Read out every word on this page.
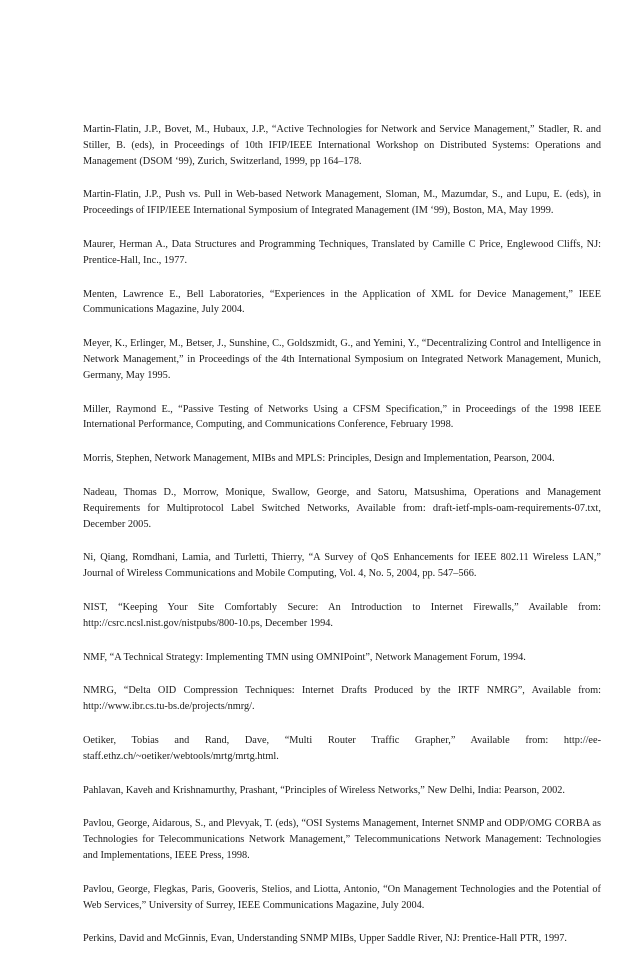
Martin-Flatin, J.P., Bovet, M., Hubaux, J.P., “Active Technologies for Network and Service Management,” Stadler, R. and Stiller, B. (eds), in Proceedings of 10th IFIP/IEEE International Workshop on Distributed Systems: Operations and Management (DSOM ‘99), Zurich, Switzerland, 1999, pp 164–178.
Martin-Flatin, J.P., Push vs. Pull in Web-based Network Management, Sloman, M., Mazumdar, S., and Lupu, E. (eds), in Proceedings of IFIP/IEEE International Symposium of Integrated Management (IM ‘99), Boston, MA, May 1999.
Maurer, Herman A., Data Structures and Programming Techniques, Translated by Camille C Price, Englewood Cliffs, NJ: Prentice-Hall, Inc., 1977.
Menten, Lawrence E., Bell Laboratories, “Experiences in the Application of XML for Device Management,” IEEE Communications Magazine, July 2004.
Meyer, K., Erlinger, M., Betser, J., Sunshine, C., Goldszmidt, G., and Yemini, Y., “Decentralizing Control and Intelligence in Network Management,” in Proceedings of the 4th International Symposium on Integrated Network Management, Munich, Germany, May 1995.
Miller, Raymond E., “Passive Testing of Networks Using a CFSM Specification,” in Proceedings of the 1998 IEEE International Performance, Computing, and Communications Conference, February 1998.
Morris, Stephen, Network Management, MIBs and MPLS: Principles, Design and Implementation, Pearson, 2004.
Nadeau, Thomas D., Morrow, Monique, Swallow, George, and Satoru, Matsushima, Operations and Management Requirements for Multiprotocol Label Switched Networks, Available from: draft-ietf-mpls-oam-requirements-07.txt, December 2005.
Ni, Qiang, Romdhani, Lamia, and Turletti, Thierry, “A Survey of QoS Enhancements for IEEE 802.11 Wireless LAN,” Journal of Wireless Communications and Mobile Computing, Vol. 4, No. 5, 2004, pp. 547–566.
NIST, “Keeping Your Site Comfortably Secure: An Introduction to Internet Firewalls,” Available from: http://csrc.ncsl.nist.gov/nistpubs/800-10.ps, December 1994.
NMF, “A Technical Strategy: Implementing TMN using OMNIPoint”, Network Management Forum, 1994.
NMRG, “Delta OID Compression Techniques: Internet Drafts Produced by the IRTF NMRG”, Available from: http://www.ibr.cs.tu-bs.de/projects/nmrg/.
Oetiker, Tobias and Rand, Dave, “Multi Router Traffic Grapher,” Available from: http://ee-staff.ethz.ch/~oetiker/webtools/mrtg/mrtg.html.
Pahlavan, Kaveh and Krishnamurthy, Prashant, “Principles of Wireless Networks,” New Delhi, India: Pearson, 2002.
Pavlou, George, Aidarous, S., and Plevyak, T. (eds), “OSI Systems Management, Internet SNMP and ODP/OMG CORBA as Technologies for Telecommunications Network Management,” Telecommunications Network Management: Technologies and Implementations, IEEE Press, 1998.
Pavlou, George, Flegkas, Paris, Gooveris, Stelios, and Liotta, Antonio, “On Management Technologies and the Potential of Web Services,” University of Surrey, IEEE Communications Magazine, July 2004.
Perkins, David and McGinnis, Evan, Understanding SNMP MIBs, Upper Saddle River, NJ: Prentice-Hall PTR, 1997.
